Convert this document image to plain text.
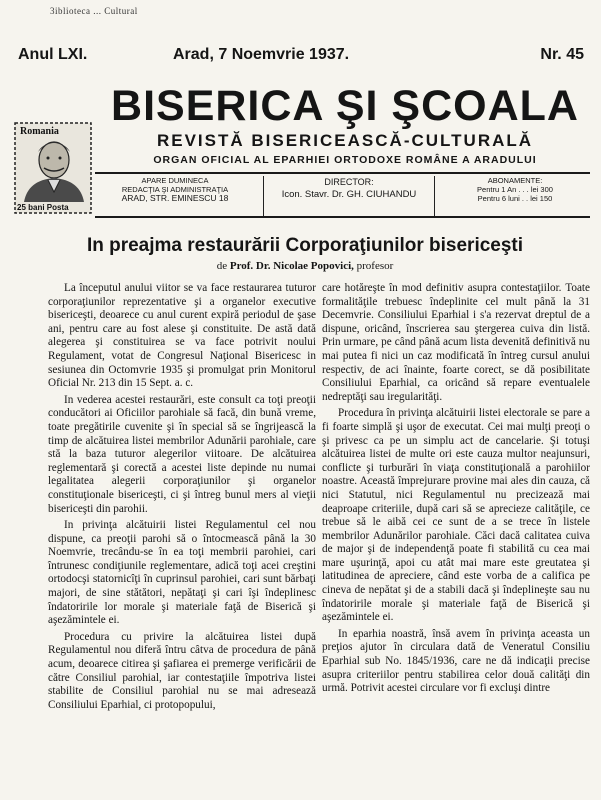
3iblioteca ... Cultural
Anul LXI.	Arad, 7 Noemvrie 1937.	Nr. 45
Romania
25 bani Posta
BISERICA ŞI ŞCOALA
REVISTĂ BISERICEASCĂ-CULTURALĂ
ORGAN OFICIAL AL EPARHIEI ORTODOXE ROMÂNE A ARADULUI
APARE DUMINECA
REDACŢIA ŞI ADMINISTRAŢIA
ARAD, STR. EMINESCU 18
DIRECTOR:
Icon. Stavr. Dr. GH. CIUHANDU
ABONAMENTE:
Pentru 1 An . . . lei 300
Pentru 6 luni . . lei 150
In preajma restaurării Corporaţiunilor bisericeşti
de Prof. Dr. Nicolae Popovici, profesor

La începutul anului viitor se va face restaurarea tuturor corporaţiunilor reprezentative şi a organelor executive bisericeşti, deoarece cu anul curent expiră periodul de şase ani, pentru care au fost alese şi constituite. De astă dată alegerea şi constituirea se va face potrivit noului Regulament, votat de Congresul Naţional Bisericesc in sesiunea din Octomvrie 1935 şi promulgat prin Monitorul Oficial Nr. 213 din 15 Sept. a. c.

In vederea acestei restaurări, este consult ca toţi preoţii conducători ai Oficiilor parohiale să facă, din bună vreme, toate pregătirile cuvenite şi în special să se îngrijească la timp de alcătuirea listei membrilor Adunării parohiale, care stă la baza tuturor alegerilor viitoare. De alcătuirea reglementară şi corectă a acestei liste depinde nu numai legalitatea alegerii corporaţiunilor şi organelor constituţionale bisericeşti, ci şi întreg bunul mers al vieţii bisericeşti din parohii.

In privinţa alcătuirii listei Regulamentul cel nou dispune, ca preoţii parohi să o întocmească până la 30 Noemvrie, trecându-se în ea toţi membrii parohiei, cari întrunesc condiţiunile reglementare, adică toţi acei creştini ortodocşi statornicîţi în cuprinsul parohiei, cari sunt bărbaţi majori, de sine stătători, nepătaţi şi cari îşi îndeplinesc îndatoririle lor morale şi materiale faţă de Biserică şi aşezămintele ei.

Procedura cu privire la alcătuirea listei după Regulamentul nou diferă întru câtva de procedura de până acum, deoarece citirea şi şafiarea ei premerge verificării de către Consiliul parohial, iar contestaţiile împotriva listei stabilite de Consiliul parohial nu se mai adresează Consiliului Eparhial, ci protopopului,

care hotăreşte în mod definitiv asupra contestaţiilor. Toate formalităţile trebuesc îndeplinite cel mult până la 31 Decemvrie. Consiliului Eparhial i s'a rezervat dreptul de a dispune, oricând, înscrierea sau ştergerea cuiva din listă. Prin urmare, pe când până acum lista devenită definitivă nu mai putea fi nici un caz modificată în întreg cursul anului respectiv, de aci înainte, foarte corect, se dă posibilitate Consiliului Eparhial, ca oricând să repare eventualele nedreptăţi sau iregularităţi.

Procedura în privinţa alcătuirii listei electorale se pare a fi foarte simplă şi uşor de executat. Cei mai mulţi preoţi o şi privesc ca pe un simplu act de cancelarie. Şi totuşi alcătuirea listei de multe ori este cauza multor neajunsuri, conflicte şi turburări în viaţa constituţională a parohiilor noastre. Această împrejurare provine mai ales din cauza, că nici Statutul, nici Regulamentul nu precizează mai deaproape criteriile, după cari să se aprecieze calităţile, ce trebue să le aibă cei ce sunt de a se trece în listele membrilor Adunărilor parohiale. Căci dacă calitatea cuiva de major şi de independenţă poate fi stabilită cu cea mai mare uşurinţă, apoi cu atât mai mare este greutatea şi latitudinea de apreciere, când este vorba de a califica pe cineva de nepătat şi de a stabili dacă şi îndeplineşte sau nu îndatoririle morale şi materiale faţă de Biserică şi aşezămintele ei.

In eparhia noastră, însă avem în privinţa aceasta un preţios ajutor în circulara dată de Veneratul Consiliu Eparhial sub No. 1845/1936, care ne dă indicaţii precise asupra criteriilor pentru stabilirea celor două calităţi din urmă. Potrivit acestei circulare vor fi excluşi dintre
